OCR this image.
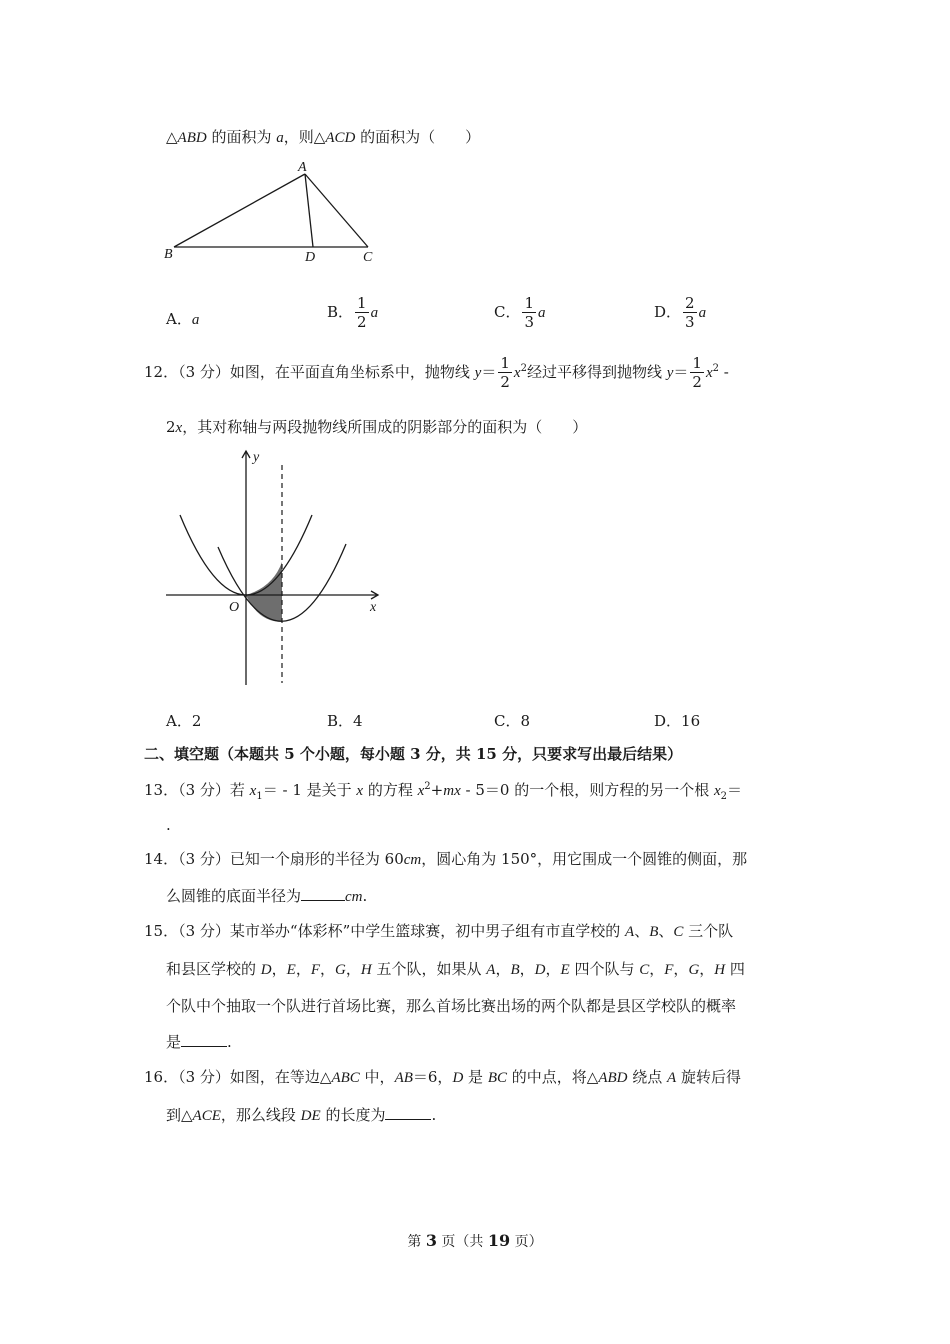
△ABD 的面积为 a，则△ACD 的面积为（　　）
A
B	D	C
A．a	B． $\frac{1}{2}$ a	C． $\frac{1}{3}$ a	D． $\frac{2}{3}$ a
12．（3 分）如图，在平面直角坐标系中，抛物线 $y= \frac{1}{2} x^2$经过平移得到抛物线 $y= \frac{1}{2} x^2$ -
2x，其对称轴与两段抛物线所围成的阴影部分的面积为（　　）
y
O	x
A．2	B．4	C．8	D．16
二、填空题（本题共 5 个小题，每小题 3 分，共 15 分，只要求写出最后结果）
13．（3 分）若 $x_1= - 1$ 是关于 x 的方程 $x^2+mx - 5=0$ 的一个根，则方程的另一个根 $x_2=$
.
14．（3 分）已知一个扇形的半径为 60cm，圆心角为 150°，用它围成一个圆锥的侧面，那
么圆锥的底面半径为	cm.
15．（3 分）某市举办“体彩杯”中学生篮球赛，初中男子组有市直学校的 A、B、C 三个队
和县区学校的 D，E，F，G，H 五个队，如果从 A，B，D，E 四个队与 C，F，G，H 四
个队中个抽取一个队进行首场比赛，那么首场比赛出场的两个队都是县区学校队的概率
是	.
16．（3 分）如图，在等边△ABC 中，AB＝6，D 是 BC 的中点，将△ABD 绕点 A 旋转后得
到△ACE，那么线段 DE 的长度为	.
第 3 页（共 19 页）
